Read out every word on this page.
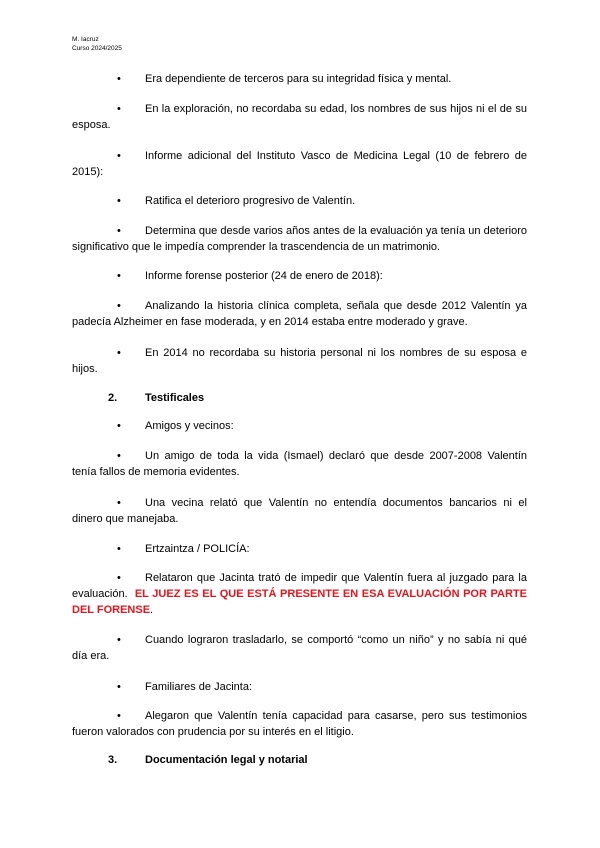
M. Iacruz
Curso 2024/2025
•	Era dependiente de terceros para su integridad física y mental.
•	En la exploración, no recordaba su edad, los nombres de sus hijos ni el de su
esposa.
•	Informe adicional del Instituto Vasco de Medicina Legal (10 de febrero de
2015):
•	Ratifica el deterioro progresivo de Valentín.
•	Determina que desde varios años antes de la evaluación ya tenía un deterioro
significativo que le impedía comprender la trascendencia de un matrimonio.
•	Informe forense posterior (24 de enero de 2018):
•	Analizando la historia clínica completa, señala que desde 2012 Valentín ya
padecía Alzheimer en fase moderada, y en 2014 estaba entre moderado y grave.
•	En 2014 no recordaba su historia personal ni los nombres de su esposa e
hijos.
2.	Testificales
•	Amigos y vecinos:
•	Un amigo de toda la vida (Ismael) declaró que desde 2007-2008 Valentín
tenía fallos de memoria evidentes.
•	Una vecina relató que Valentín no entendía documentos bancarios ni el
dinero que manejaba.
•	Ertzaintza / POLICÍA:
•	Relataron que Jacinta trató de impedir que Valentín fuera al juzgado para la
evaluación. EL JUEZ ES EL QUE ESTÁ PRESENTE EN ESA EVALUACIÓN POR PARTE DEL FORENSE.
•	Cuando lograron trasladarlo, se comportó “como un niño” y no sabía ni qué
día era.
•	Familiares de Jacinta:
•	Alegaron que Valentín tenía capacidad para casarse, pero sus testimonios
fueron valorados con prudencia por su interés en el litigio.
3.	Documentación legal y notarial
